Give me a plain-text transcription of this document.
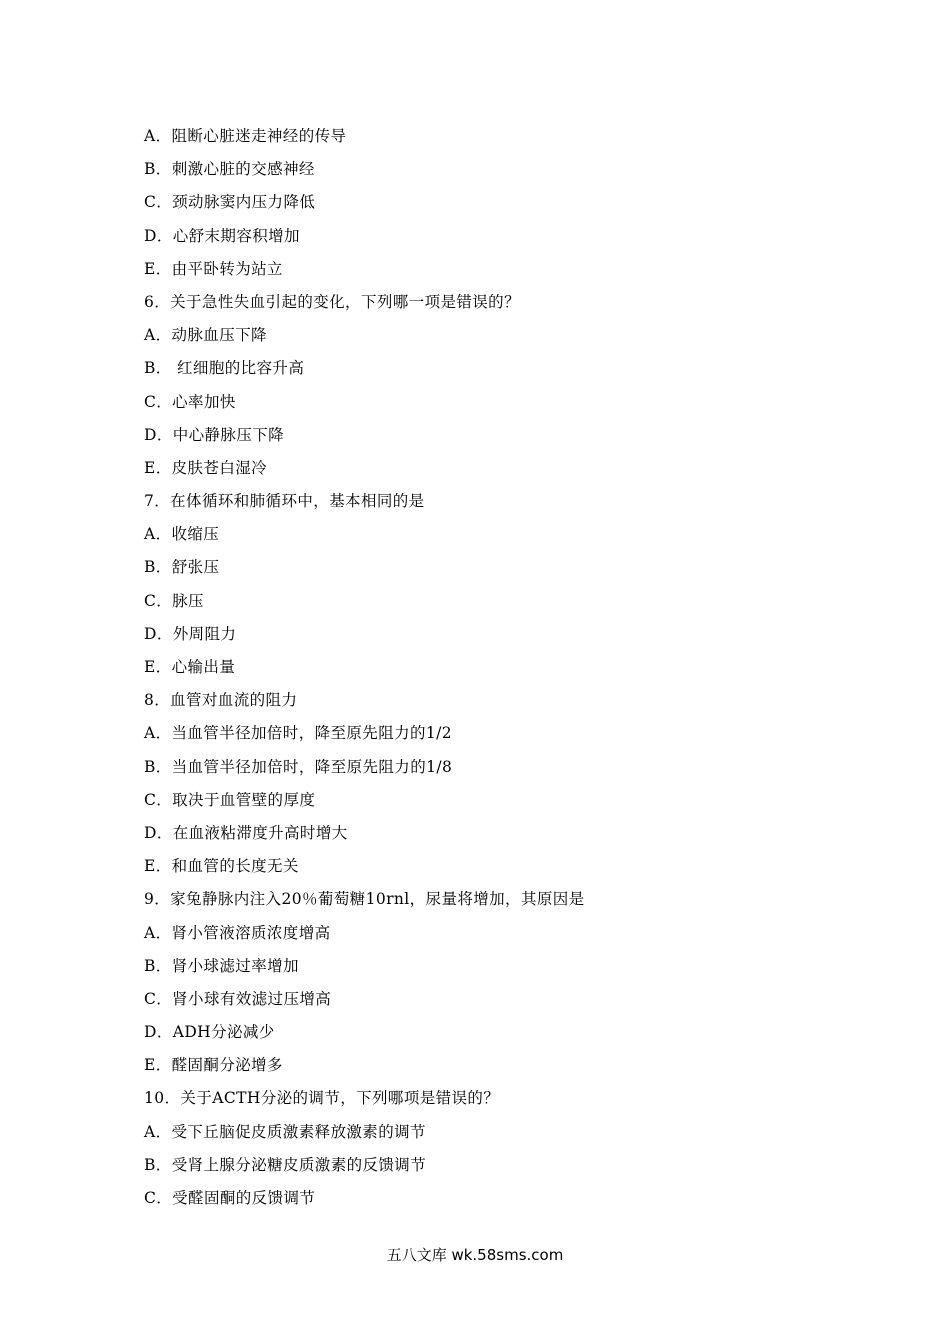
A．阻断心脏迷走神经的传导
B．刺激心脏的交感神经
C．颈动脉窦内压力降低
D．心舒末期容积增加
E．由平卧转为站立
6．关于急性失血引起的变化，下列哪一项是错误的？
A．动脉血压下降
B． 红细胞的比容升高
C．心率加快
D．中心静脉压下降
E．皮肤苍白湿冷
7．在体循环和肺循环中，基本相同的是
A．收缩压
B．舒张压
C．脉压
D．外周阻力
E．心输出量
8．血管对血流的阻力
A．当血管半径加倍时，降至原先阻力的1/2
B．当血管半径加倍时，降至原先阻力的1/8
C．取决于血管壁的厚度
D．在血液粘滞度升高时增大
E．和血管的长度无关
9．家兔静脉内注入20％葡萄糖10rnl，尿量将增加，其原因是
A．肾小管液溶质浓度增高
B．肾小球滤过率增加
C．肾小球有效滤过压增高
D．ADH分泌减少
E．醛固酮分泌增多
10．关于ACTH分泌的调节，下列哪项是错误的？
A．受下丘脑促皮质激素释放激素的调节
B．受肾上腺分泌糖皮质激素的反馈调节
C．受醛固酮的反馈调节
五八文库 wk.58sms.com
